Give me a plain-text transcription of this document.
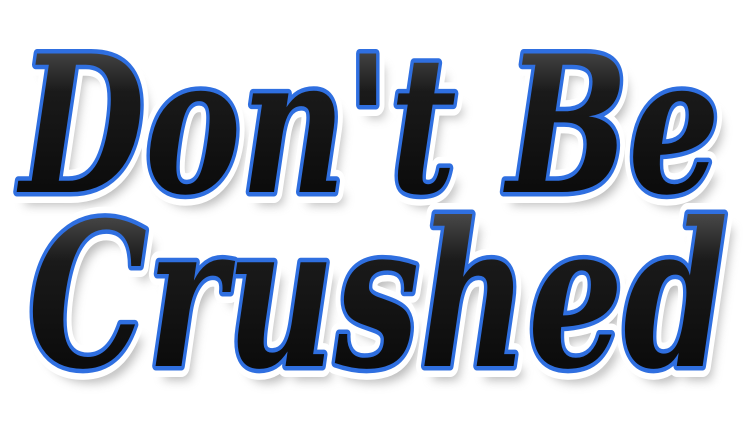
Don't Be
Don't Be
Don't Be
Don't Be
Crushed
Crushed
Crushed
Crushed
